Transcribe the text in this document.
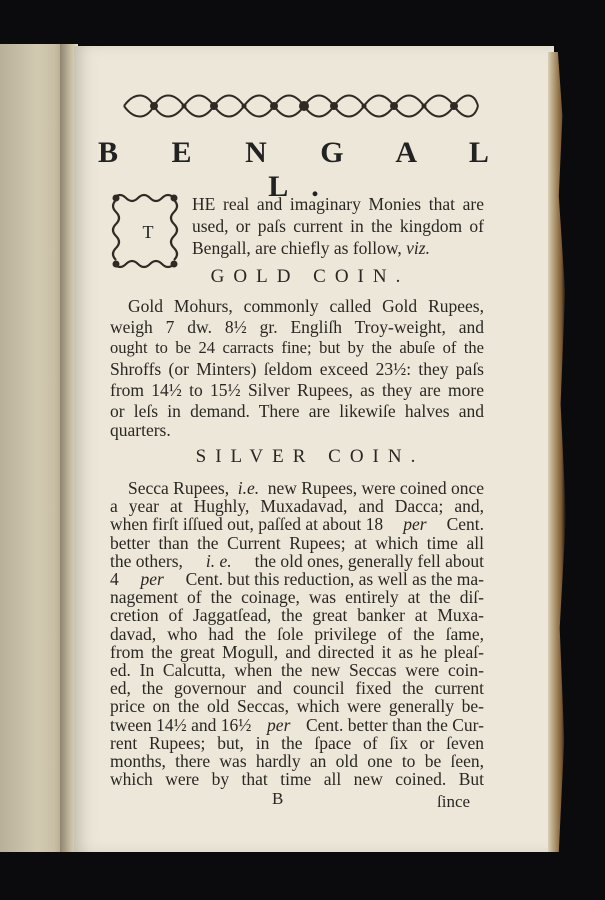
B E N G A L L.
T
HE real and imaginary Monies that are
used, or paſs current in the kingdom of
Bengall, are chiefly as follow, viz.
GOLD COIN.
Gold Mohurs, commonly called Gold Rupees,
weigh 7 dw. 8½ gr. Engliſh Troy-weight, and
ought to be 24 carracts fine; but by the abuſe of the
Shroffs (or Minters) ſeldom exceed 23½: they paſs
from 14½ to 15½ Silver Rupees, as they are more
or leſs in demand. There are likewiſe halves and
quarters.
SILVER COIN.
Secca Rupees, i.e. new Rupees, were coined once
a year at Hughly, Muxadavad, and Dacca; and,
when firſt iſſued out, paſſed at about 18 per Cent.
better than the Current Rupees; at which time all
the others, i. e. the old ones, generally fell about
4 per Cent. but this reduction, as well as the ma-
nagement of the coinage, was entirely at the diſ-
cretion of Jaggatſead, the great banker at Muxa-
davad, who had the ſole privilege of the ſame,
from the great Mogull, and directed it as he pleaſ-
ed. In Calcutta, when the new Seccas were coin-
ed, the governour and council fixed the current
price on the old Seccas, which were generally be-
tween 14½ and 16½ per Cent. better than the Cur-
rent Rupees; but, in the ſpace of ſix or ſeven
B	ſince
months, there was hardly an old one to be ſeen,
which were by that time all new coined. But
